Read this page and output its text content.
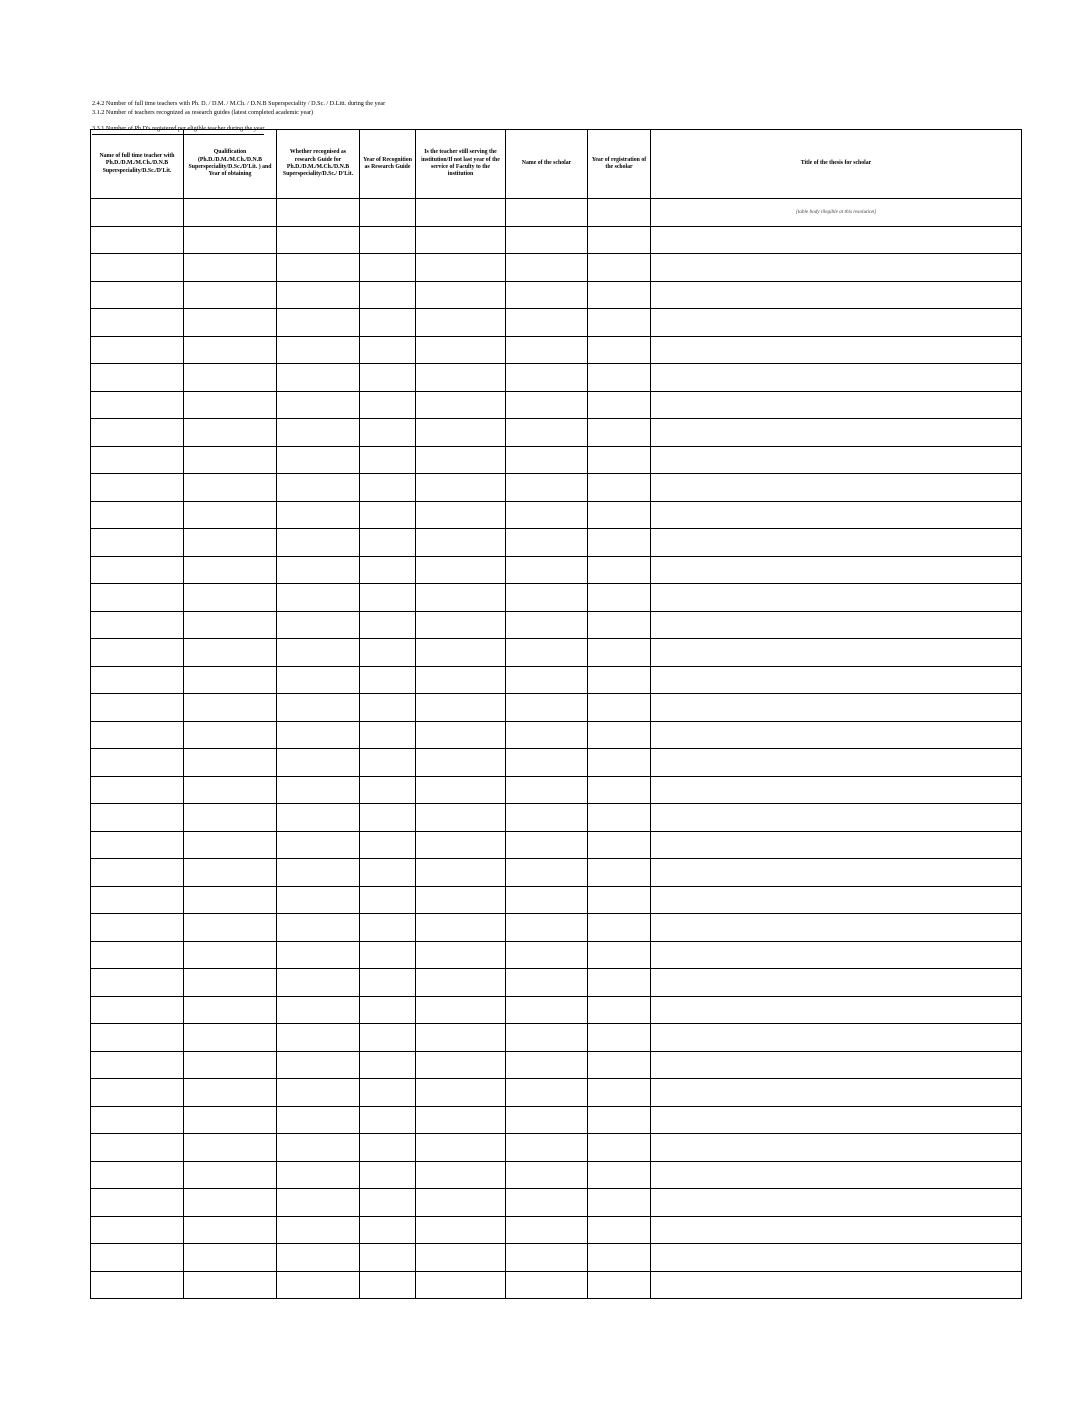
2.4.2 Number of full time teachers with Ph. D. / D.M. / M.Ch. / D.N.B Superspeciality / D.Sc. / D.Litt. during the year
3.1.2 Number of teachers recognized as research guides (latest completed academic year)
3.3.1 Number of Ph.D's registered per eligible teacher during the year
Name of full time teacher with Ph.D./D.M./M.Ch./D.N.B Superspeciality/D.Sc./D'Lit.	Qualification (Ph.D./D.M./M.Ch./D.N.B Superspeciality/D.Sc./D'Lit. ) and Year of obtaining	Whether recognised as research Guide for Ph.D./D.M./M.Ch./D.N.B Superspeciality/D.Sc./ D'Lit.	Year of Recognition as Research Guide	Is the teacher still serving the institution/If not last year of the service of Faculty to the institution	Name of the scholar	Year of registration of the scholar	Title of the thesis for scholar
							[table body illegible at this resolution]
